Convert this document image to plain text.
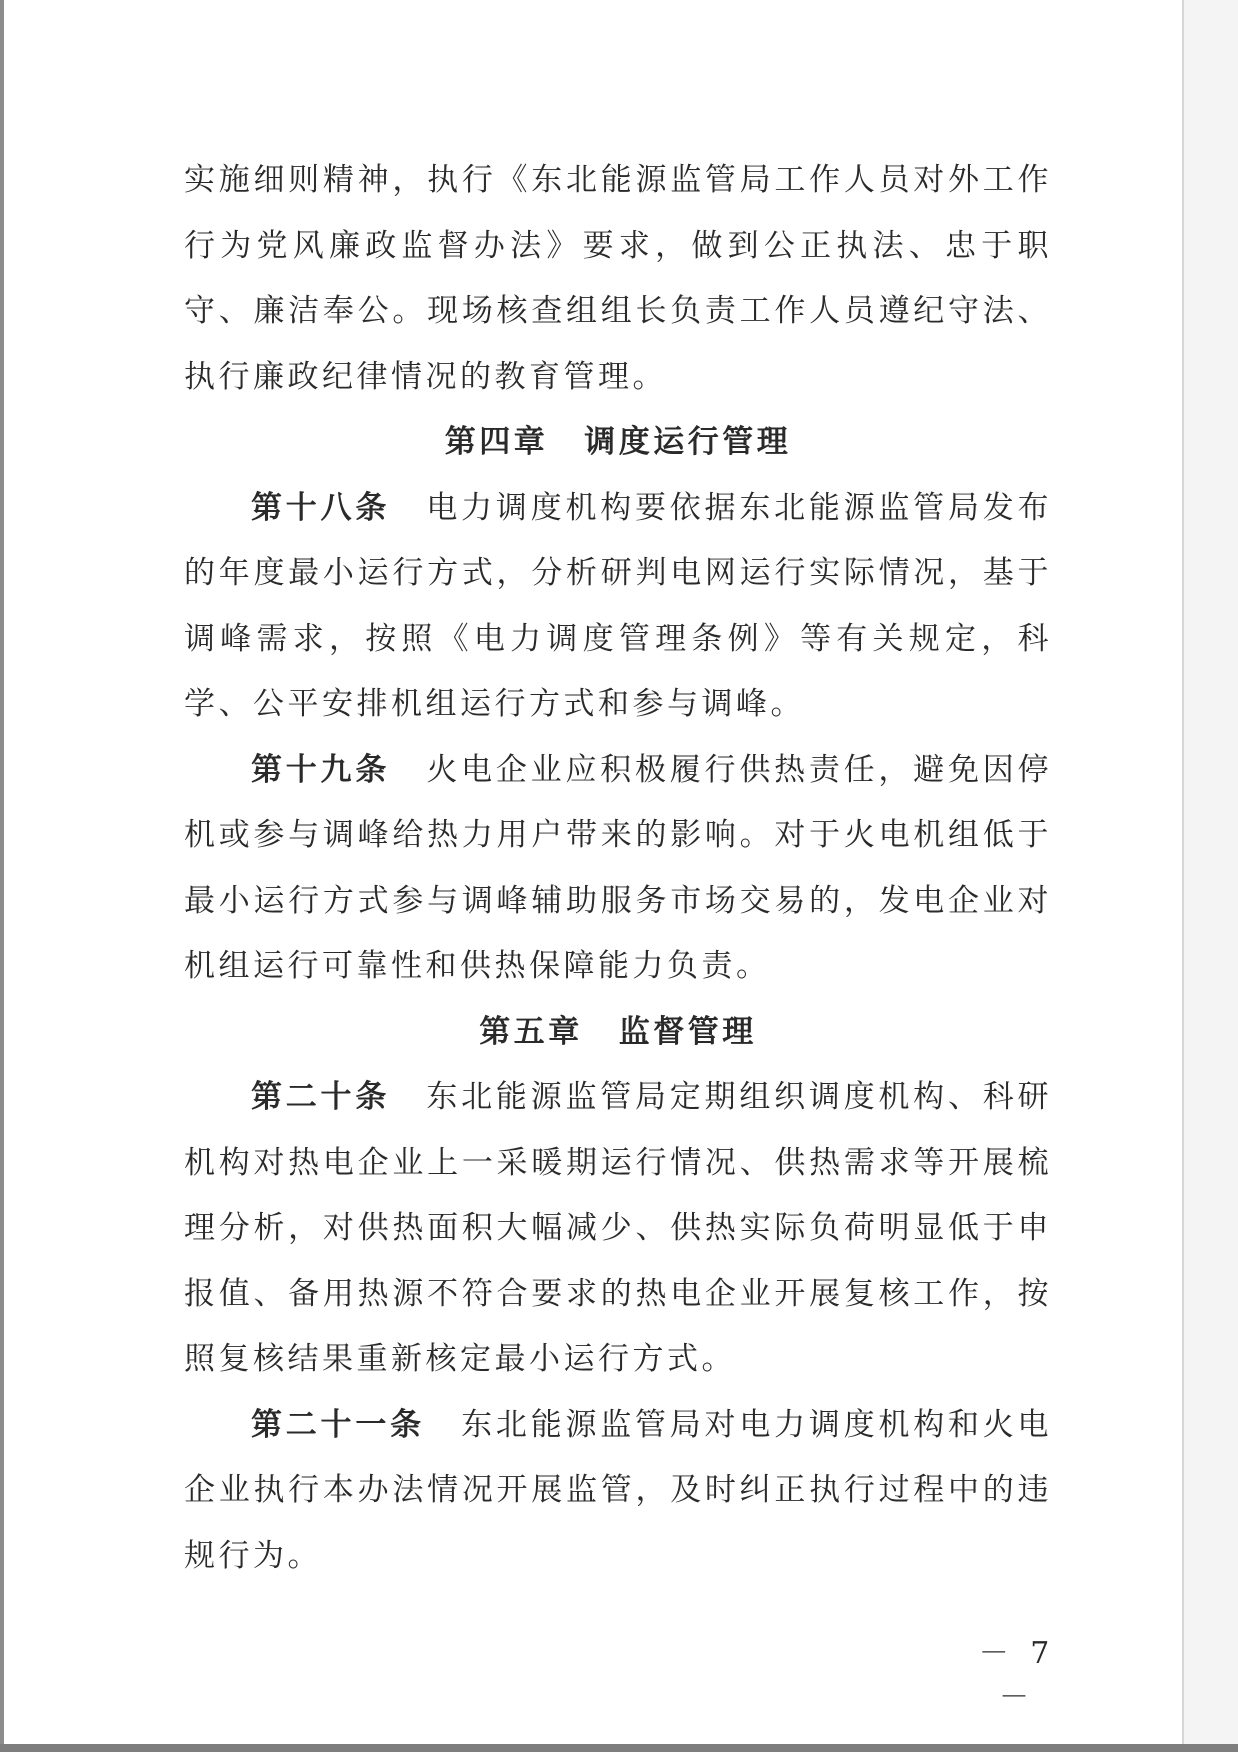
实施细则精神，执行《东北能源监管局工作人员对外工作行为党风廉政监督办法》要求，做到公正执法、忠于职守、廉洁奉公。现场核查组组长负责工作人员遵纪守法、执行廉政纪律情况的教育管理。

第四章 调度运行管理

第十八条 电力调度机构要依据东北能源监管局发布的年度最小运行方式，分析研判电网运行实际情况，基于调峰需求，按照《电力调度管理条例》等有关规定，科学、公平安排机组运行方式和参与调峰。

第十九条 火电企业应积极履行供热责任，避免因停机或参与调峰给热力用户带来的影响。对于火电机组低于最小运行方式参与调峰辅助服务市场交易的，发电企业对机组运行可靠性和供热保障能力负责。

第五章 监督管理

第二十条 东北能源监管局定期组织调度机构、科研机构对热电企业上一采暖期运行情况、供热需求等开展梳理分析，对供热面积大幅减少、供热实际负荷明显低于申报值、备用热源不符合要求的热电企业开展复核工作，按照复核结果重新核定最小运行方式。

第二十一条 东北能源监管局对电力调度机构和火电企业执行本办法情况开展监管，及时纠正执行过程中的违规行为。

－ 7 －
